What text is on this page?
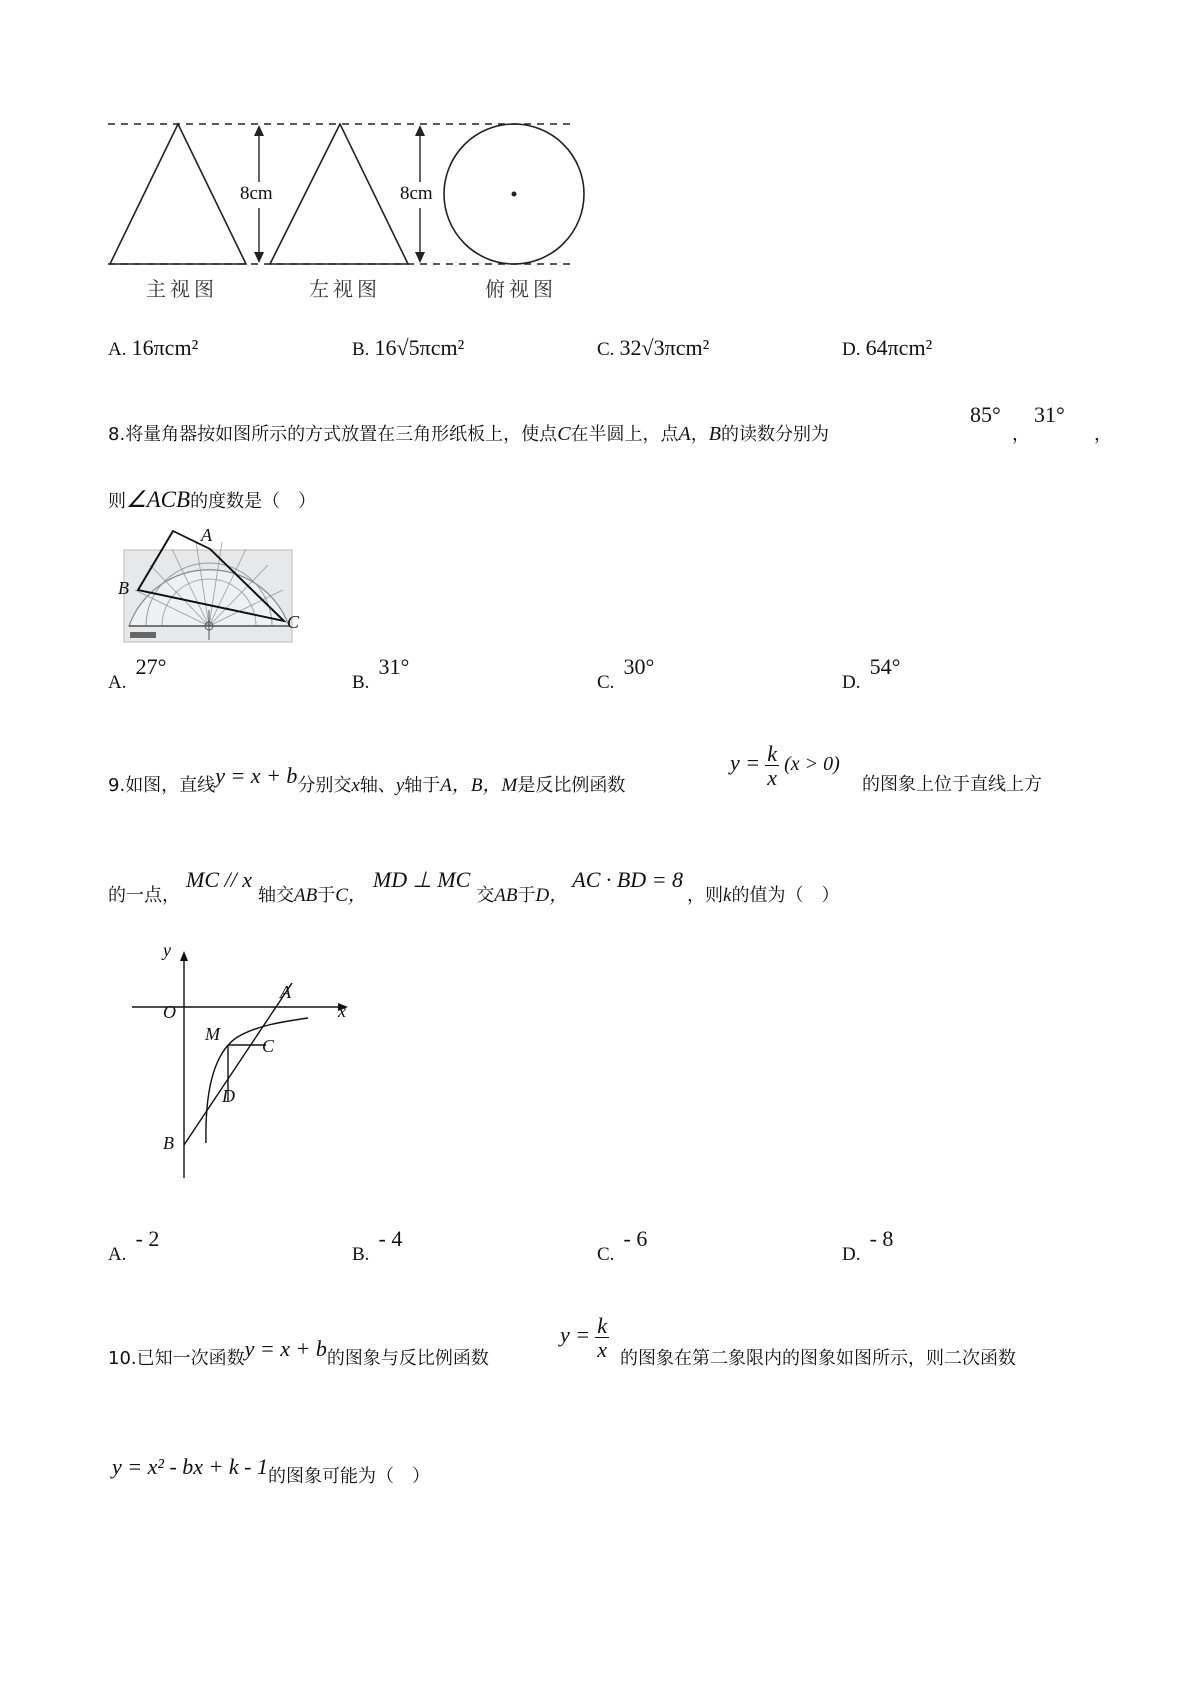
8cm	8cm
主视图	左视图	俯视图
A. 16πcm²	B. 16√5πcm²	C. 32√3πcm²	D. 64πcm²
8.将量角器按如图所示的方式放置在三角形纸板上，使点C在半圆上，点A，B的读数分别为
85°
，
31°
，
则∠ACB的度数是（　）
A
B
C
A. 27°
B. 31°
C. 30°
D. 54°
9.如图，直线y = x + b分别交x轴、y轴于A，B，M是反比例函数
$y = \frac{k}{x} (x > 0)$
的图象上位于直线上方
的一点，MC // x轴交AB于C，MD ⊥ MC交AB于D，AC · BD = 8，则k的值为（　）
y
x
O
A
M
C
D
B
A. - 2
B. - 4
C. - 6
D. - 8
10.已知一次函数y = x + b的图象与反比例函数
$y = \frac{k}{x}$ 的图象在第二象限内的图象如图所示，则二次函数
y = x² - bx + k - 1的图象可能为（　）
